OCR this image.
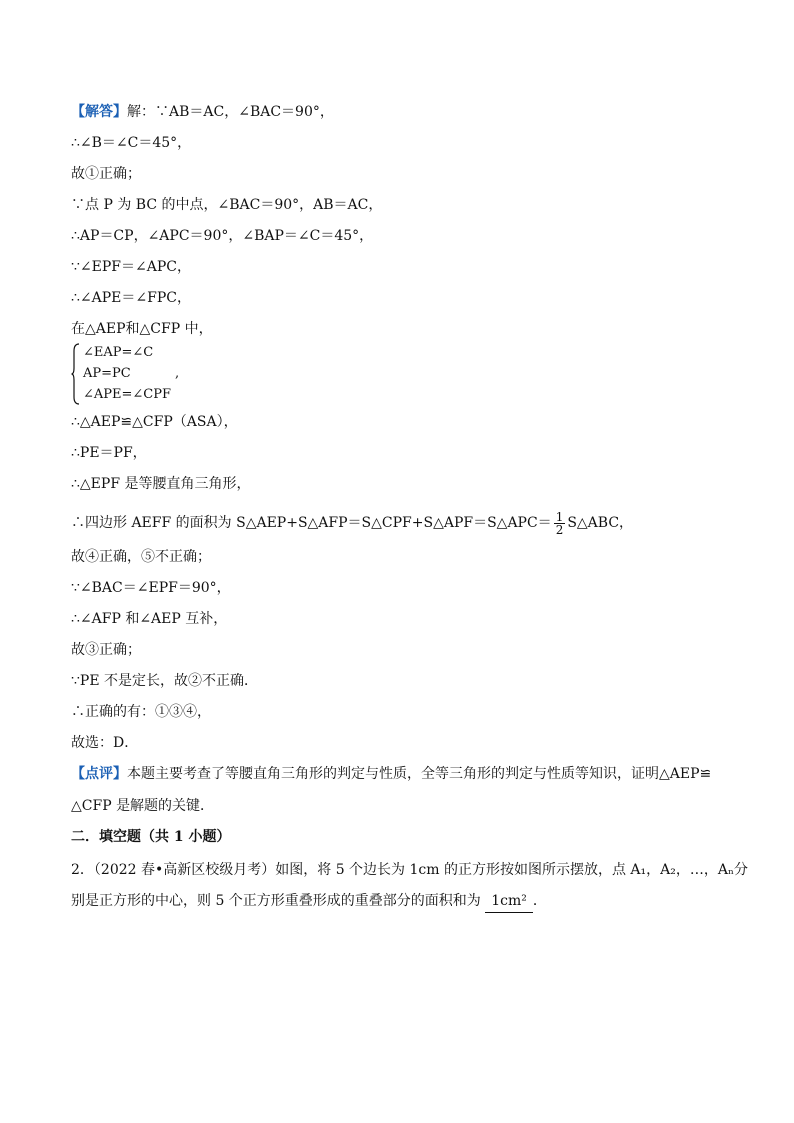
【解答】解：∵AB＝AC，∠BAC＝90°，
∴∠B＝∠C＝45°，
故①正确；
∵点 P 为 BC 的中点，∠BAC＝90°，AB＝AC，
∴AP＝CP，∠APC＝90°，∠BAP＝∠C＝45°，
∵∠EPF＝∠APC，
∴∠APE＝∠FPC，
在△AEP和△CFP 中，
∠EAP=∠C
AP=PC
∠APE=∠CPF
,
∴△AEP≌△CFP（ASA），
∴PE＝PF，
∴△EPF 是等腰直角三角形，
∴四边形 AEFF 的面积为 S△AEP+S△AFP＝S△CPF+S△APF＝S△APC＝ $\frac{1}{2}$ S△ABC，
故④正确，⑤不正确；
∵∠BAC＝∠EPF＝90°，
∴∠AFP 和∠AEP 互补，
故③正确；
∵PE 不是定长，故②不正确．
∴正确的有：①③④，
故选：D．
【点评】本题主要考查了等腰直角三角形的判定与性质，全等三角形的判定与性质等知识，证明△AEP≌
△CFP 是解题的关键．
二．填空题（共 1 小题）
2．（2022 春•高新区校级月考）如图，将 5 个边长为 1cm 的正方形按如图所示摆放，点 A₁，A₂，…，Aₙ分
别是正方形的中心，则 5 个正方形重叠形成的重叠部分的面积和为 1cm² ．
